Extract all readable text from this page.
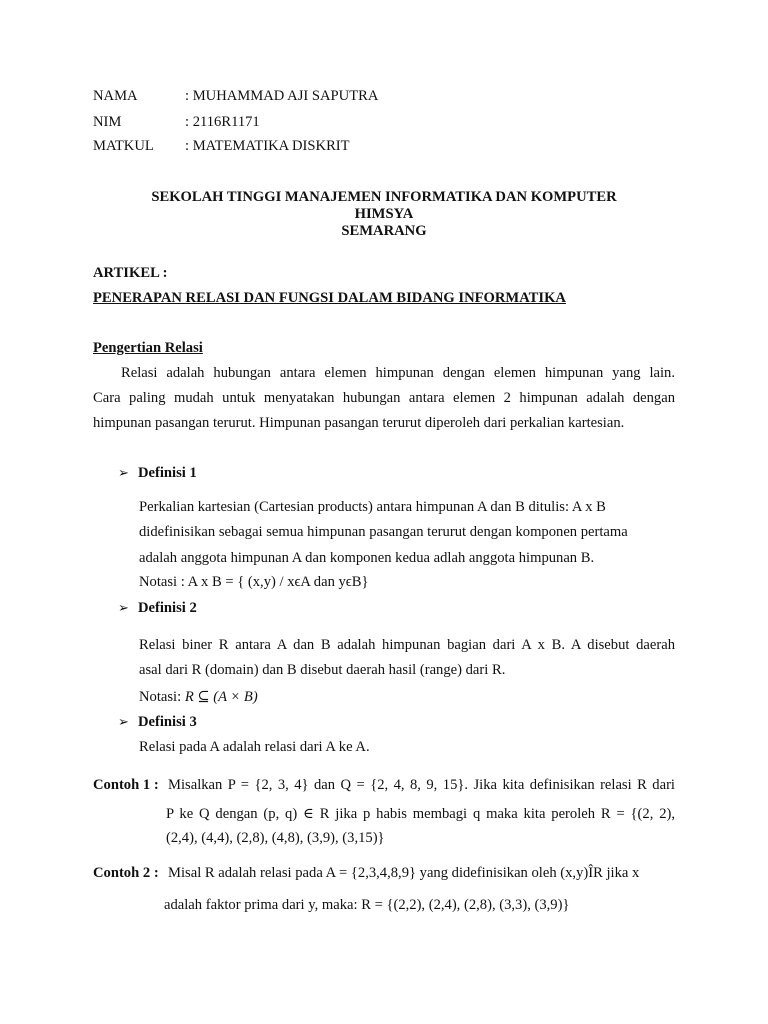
NAMA	: MUHAMMAD AJI SAPUTRA
NIM	: 2116R1171
MATKUL : MATEMATIKA DISKRIT
SEKOLAH TINGGI MANAJEMEN INFORMATIKA DAN KOMPUTER
HIMSYA
SEMARANG
ARTIKEL :
PENERAPAN RELASI DAN FUNGSI DALAM BIDANG INFORMATIKA
Pengertian Relasi
Relasi adalah hubungan antara elemen himpunan dengan elemen himpunan yang lain.
Cara paling mudah untuk menyatakan hubungan antara elemen 2 himpunan adalah dengan
himpunan pasangan terurut. Himpunan pasangan terurut diperoleh dari perkalian kartesian.
➢ Definisi 1
Perkalian kartesian (Cartesian products) antara himpunan A dan B ditulis: A x B
didefinisikan sebagai semua himpunan pasangan terurut dengan komponen pertama
adalah anggota himpunan A dan komponen kedua adlah anggota himpunan B.
Notasi : A x B = { (x,y) / xϵA dan yϵB}
➢ Definisi 2
Relasi biner R antara A dan B adalah himpunan bagian dari A x B. A disebut daerah
asal dari R (domain) dan B disebut daerah hasil (range) dari R.
Notasi: R ⊆ (A × B)
➢ Definisi 3
Relasi pada A adalah relasi dari A ke A.
Contoh 1 : Misalkan P = {2, 3, 4} dan Q = {2, 4, 8, 9, 15}. Jika kita definisikan relasi R dari
P ke Q dengan (p, q) ∈ R jika p habis membagi q maka kita peroleh R = {(2, 2),
(2,4), (4,4), (2,8), (4,8), (3,9), (3,15)}
Contoh 2 : Misal R adalah relasi pada A = {2,3,4,8,9} yang didefinisikan oleh (x,y)ÎR jika x
adalah faktor prima dari y, maka: R = {(2,2), (2,4), (2,8), (3,3), (3,9)}
